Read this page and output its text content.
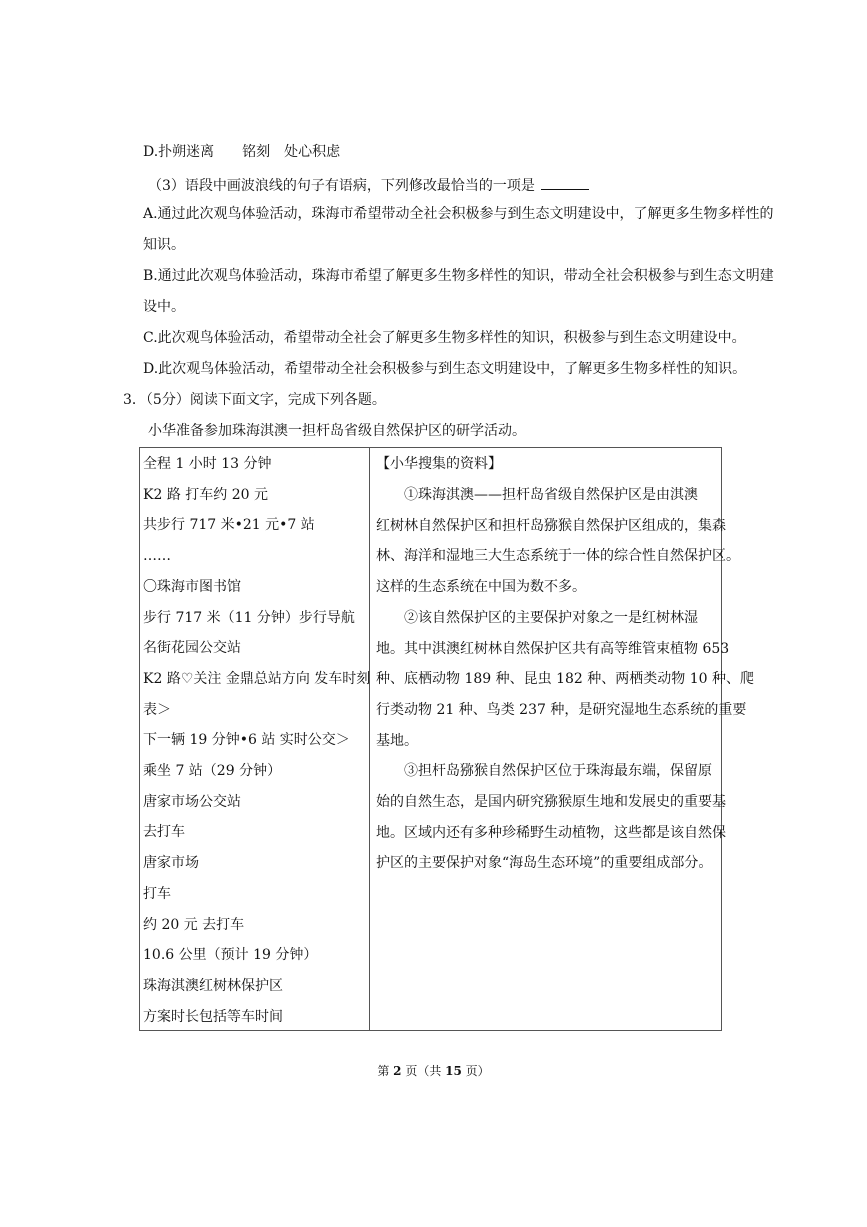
D.扑朔迷离　　铭刻　处心积虑
（3）语段中画波浪线的句子有语病，下列修改最恰当的一项是
A.通过此次观鸟体验活动，珠海市希望带动全社会积极参与到生态文明建设中，了解更多生物多样性的
知识。
B.通过此次观鸟体验活动，珠海市希望了解更多生物多样性的知识，带动全社会积极参与到生态文明建
设中。
C.此次观鸟体验活动，希望带动全社会了解更多生物多样性的知识，积极参与到生态文明建设中。
D.此次观鸟体验活动，希望带动全社会积极参与到生态文明建设中，了解更多生物多样性的知识。
3．（5分）阅读下面文字，完成下列各题。
小华准备参加珠海淇澳一担杆岛省级自然保护区的研学活动。
全程 1 小时 13 分钟
K2 路 打车约 20 元
共步行 717 米•21 元•7 站
……
〇珠海市图书馆
步行 717 米（11 分钟）步行导航
名街花园公交站
K2 路♡关注 金鼎总站方向 发车时刻
表＞
下一辆 19 分钟•6 站 实时公交＞
乘坐 7 站（29 分钟）
唐家市场公交站
去打车
唐家市场
打车
约 20 元 去打车
10.6 公里（预计 19 分钟）
珠海淇澳红树林保护区
方案时长包括等车时间
【小华搜集的资料】
①珠海淇澳——担杆岛省级自然保护区是由淇澳
红树林自然保护区和担杆岛猕猴自然保护区组成的，集森
林、海洋和湿地三大生态系统于一体的综合性自然保护区。
这样的生态系统在中国为数不多。
②该自然保护区的主要保护对象之一是红树林湿
地。其中淇澳红树林自然保护区共有高等维管束植物 653
种、底栖动物 189 种、昆虫 182 种、两栖类动物 10 种、爬
行类动物 21 种、鸟类 237 种，是研究湿地生态系统的重要
基地。
③担杆岛猕猴自然保护区位于珠海最东端，保留原
始的自然生态，是国内研究猕猴原生地和发展史的重要基
地。区域内还有多种珍稀野生动植物，这些都是该自然保
护区的主要保护对象“海岛生态环境”的重要组成部分。
第 2 页（共 15 页）
